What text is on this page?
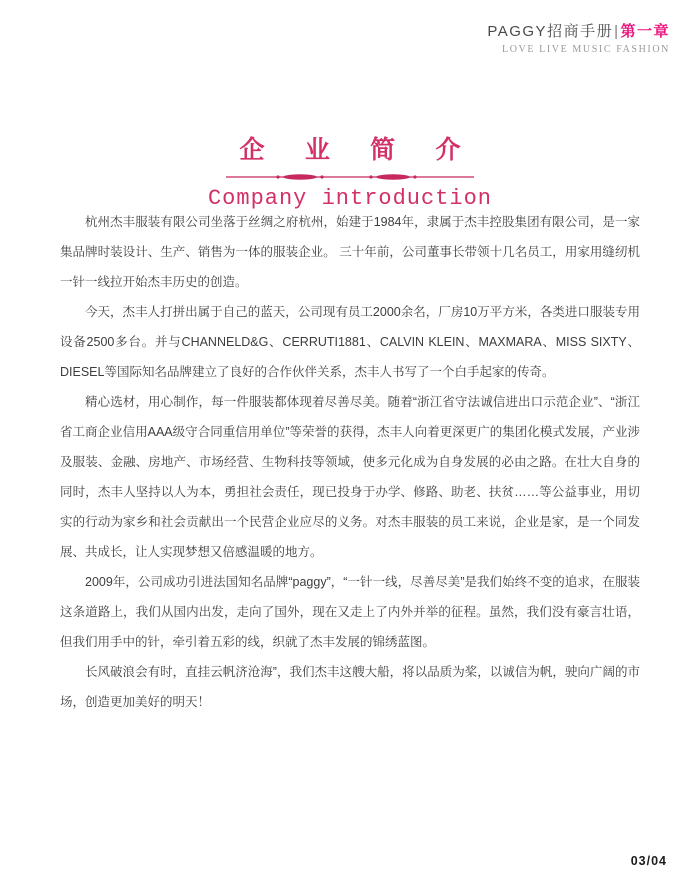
PAGGY招商手册|第一章
LOVE LIVE MUSIC FASHION
企 业 简 介
Company introduction

杭州杰丰服装有限公司坐落于丝绸之府杭州，始建于1984年，隶属于杰丰控股集团有限公司，是一家集品牌时装设计、生产、销售为一体的服装企业。 三十年前，公司董事长带领十几名员工，用家用缝纫机一针一线拉开始杰丰历史的创造。

今天，杰丰人打拼出属于自己的蓝天，公司现有员工2000余名，厂房10万平方米，各类进口服装专用设备2500多台。并与CHANNELD&G、CERRUTI1881、CALVIN KLEIN、MAXMARA、MISS SIXTY、DIESEL等国际知名品牌建立了良好的合作伙伴关系，杰丰人书写了一个白手起家的传奇。

精心选材，用心制作，每一件服装都体现着尽善尽美。随着“浙江省守法诚信进出口示范企业”、“浙江省工商企业信用AAA级守合同重信用单位”等荣誉的获得，杰丰人向着更深更广的集团化模式发展，产业涉及服装、金融、房地产、市场经营、生物科技等领域，使多元化成为自身发展的必由之路。在壮大自身的同时，杰丰人坚持以人为本，勇担社会责任，现已投身于办学、修路、助老、扶贫……等公益事业，用切实的行动为家乡和社会贡献出一个民营企业应尽的义务。对杰丰服装的员工来说，企业是家，是一个同发展、共成长，让人实现梦想又倍感温暖的地方。

2009年，公司成功引进法国知名品牌“paggy”，“一针一线，尽善尽美”是我们始终不变的追求，在服装这条道路上，我们从国内出发，走向了国外，现在又走上了内外并举的征程。虽然，我们没有豪言壮语，但我们用手中的针，牵引着五彩的线，织就了杰丰发展的锦绣蓝图。

长风破浪会有时，直挂云帆济沧海”，我们杰丰这艘大船，将以品质为桨，以诚信为帆，驶向广阔的市场，创造更加美好的明天！

03/04
